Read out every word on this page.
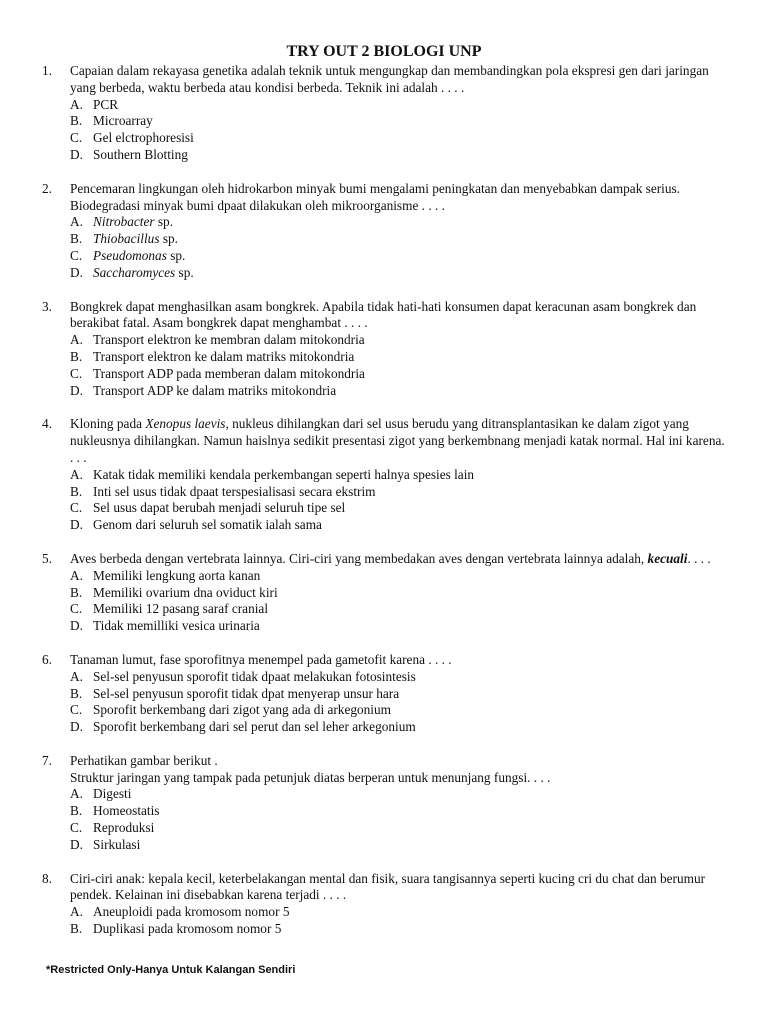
TRY OUT 2 BIOLOGI UNP
1. Capaian dalam rekayasa genetika adalah teknik untuk mengungkap dan membandingkan pola ekspresi gen dari jaringan yang berbeda, waktu berbeda atau kondisi berbeda. Teknik ini adalah . . . .
A. PCR
B. Microarray
C. Gel elctrophoresisi
D. Southern Blotting
2. Pencemaran lingkungan oleh hidrokarbon minyak bumi mengalami peningkatan dan menyebabkan dampak serius. Biodegradasi minyak bumi dpaat dilakukan oleh mikroorganisme . . . .
A. Nitrobacter sp.
B. Thiobacillus sp.
C. Pseudomonas sp.
D. Saccharomyces sp.
3. Bongkrek dapat menghasilkan asam bongkrek. Apabila tidak hati-hati konsumen dapat keracunan asam bongkrek dan berakibat fatal. Asam bongkrek dapat menghambat . . . .
A. Transport elektron ke membran dalam mitokondria
B. Transport elektron ke dalam matriks mitokondria
C. Transport ADP pada memberan dalam mitokondria
D. Transport ADP ke dalam matriks mitokondria
4. Kloning pada Xenopus laevis, nukleus dihilangkan dari sel usus berudu yang ditransplantasikan ke dalam zigot yang nukleusnya dihilangkan. Namun haislnya sedikit presentasi zigot yang berkembnang menjadi katak normal. Hal ini karena. . . .
A. Katak tidak memiliki kendala perkembangan seperti halnya spesies lain
B. Inti sel usus tidak dpaat terspesialisasi secara ekstrim
C. Sel usus dapat berubah menjadi seluruh tipe sel
D. Genom dari seluruh sel somatik ialah sama
5. Aves berbeda dengan vertebrata lainnya. Ciri-ciri yang membedakan aves dengan vertebrata lainnya adalah, kecuali. . . .
A. Memiliki lengkung aorta kanan
B. Memiliki ovarium dna oviduct kiri
C. Memiliki 12 pasang saraf cranial
D. Tidak memilliki vesica urinaria
6. Tanaman lumut, fase sporofitnya menempel pada gametofit karena . . . .
A. Sel-sel penyusun sporofit tidak dpaat melakukan fotosintesis
B. Sel-sel penyusun sporofit tidak dpat menyerap unsur hara
C. Sporofit berkembang dari zigot yang ada di arkegonium
D. Sporofit berkembang dari sel perut dan sel leher arkegonium
7. Perhatikan gambar berikut .
Struktur jaringan yang tampak pada petunjuk diatas berperan untuk menunjang fungsi. . . .
A. Digesti
B. Homeostatis
C. Reproduksi
D. Sirkulasi
8. Ciri-ciri anak: kepala kecil, keterbelakangan mental dan fisik, suara tangisannya seperti kucing cri du chat dan berumur pendek. Kelainan ini disebabkan karena terjadi . . . .
A. Aneuploidi pada kromosom nomor 5
B. Duplikasi pada kromosom nomor 5
*Restricted Only-Hanya Untuk Kalangan Sendiri
